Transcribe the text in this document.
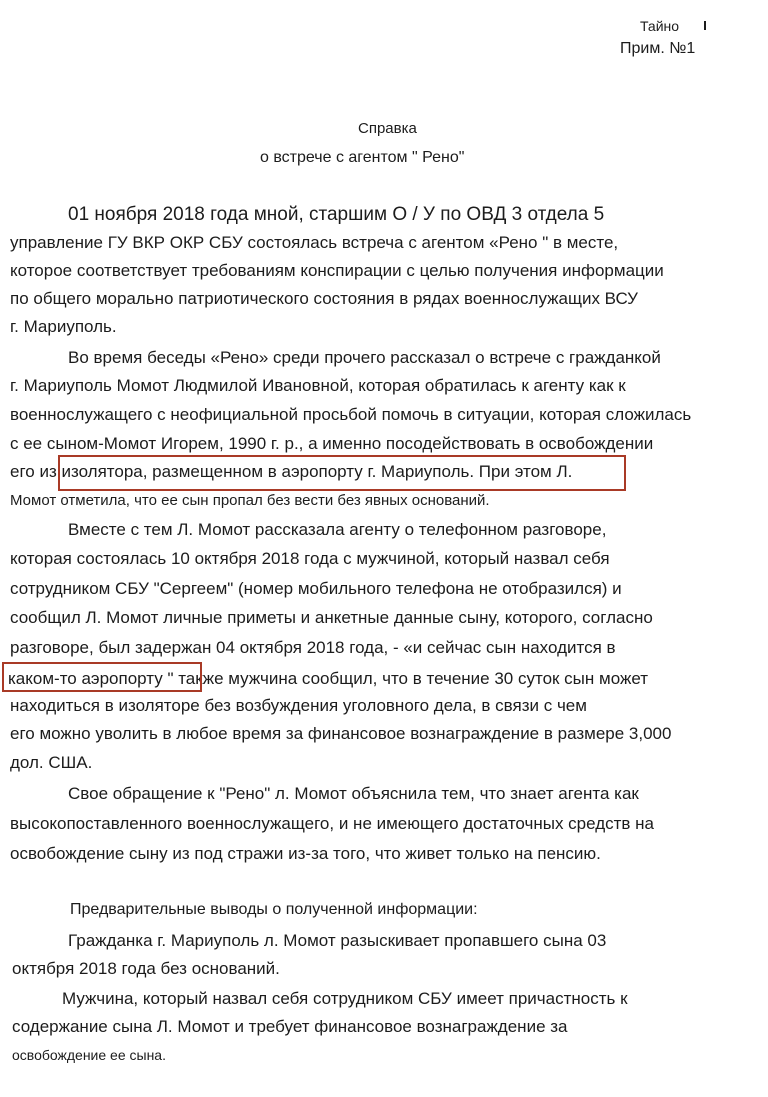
Тайно
Прим. №1
Справка
о встрече с агентом " Рено"
01 ноября 2018 года мной, старшим О / У по ОВД 3 отдела 5
управление ГУ ВКР ОКР СБУ состоялась встреча с агентом «Рено " в месте,
которое соответствует требованиям конспирации с целью получения информации
по общего морально патриотического состояния в рядах военнослужащих ВСУ
г. Мариуполь.
Во время беседы «Рено» среди прочего рассказал о встрече с гражданкой
г. Мариуполь Момот Людмилой Ивановной, которая обратилась к агенту как к
военнослужащего с неофициальной просьбой помочь в ситуации, которая сложилась
с ее сыном-Момот Игорем, 1990 г. р., а именно посодействовать в освобождении
его из изолятора, размещенном в аэропорту г. Мариуполь. При этом Л.
Момот отметила, что ее сын пропал без вести без явных оснований.
Вместе с тем Л. Момот рассказала агенту о телефонном разговоре,
которая состоялась 10 октября 2018 года с мужчиной, который назвал себя
сотрудником СБУ "Сергеем" (номер мобильного телефона не отобразился) и
сообщил Л. Момот личные приметы и анкетные данные сыну, которого, согласно
разговоре, был задержан 04 октября 2018 года, - «и сейчас сын находится в
каком-то аэропорту " также мужчина сообщил, что в течение 30 суток сын может
находиться в изоляторе без возбуждения уголовного дела, в связи с чем
его можно уволить в любое время за финансовое вознаграждение в размере 3,000
дол. США.
Свое обращение к "Рено" л. Момот объяснила тем, что знает агента как
высокопоставленного военнослужащего, и не имеющего достаточных средств на
освобождение сыну из под стражи из-за того, что живет только на пенсию.
Предварительные выводы о полученной информации:
Гражданка г. Мариуполь л. Момот разыскивает пропавшего сына 03
октября 2018 года без оснований.
Мужчина, который назвал себя сотрудником СБУ имеет причастность к
содержание сына Л. Момот и требует финансовое вознаграждение за
освобождение ее сына.
